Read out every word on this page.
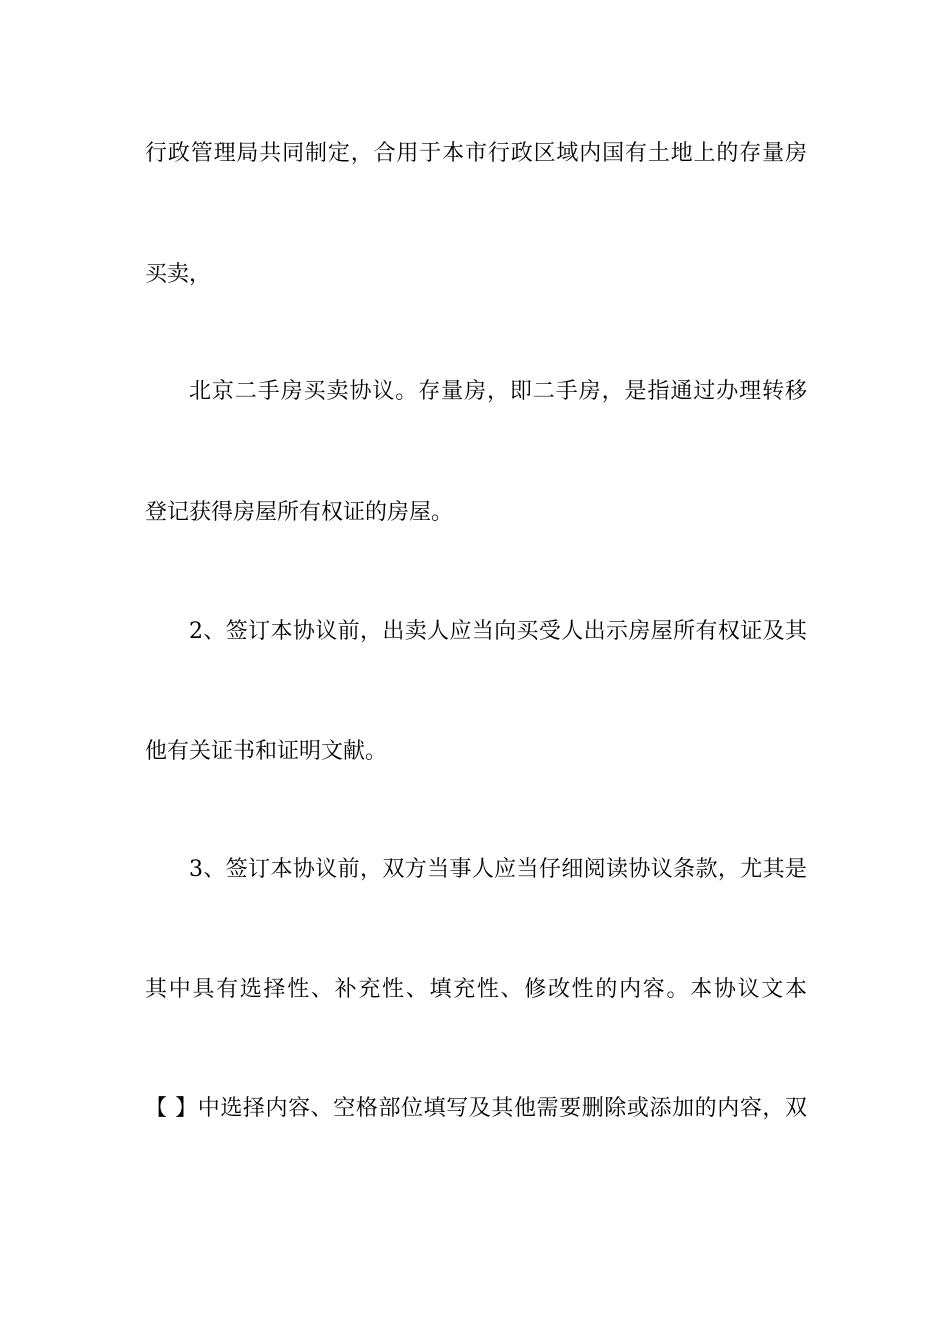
行政管理局共同制定，合用于本市行政区域内国有土地上的存量房
买卖，
北京二手房买卖协议。存量房，即二手房，是指通过办理转移
登记获得房屋所有权证的房屋。
2、签订本协议前，出卖人应当向买受人出示房屋所有权证及其
他有关证书和证明文献。
3、签订本协议前，双方当事人应当仔细阅读协议条款，尤其是
其中具有选择性、补充性、填充性、修改性的内容。本协议文本
【 】中选择内容、空格部位填写及其他需要删除或添加的内容，双
